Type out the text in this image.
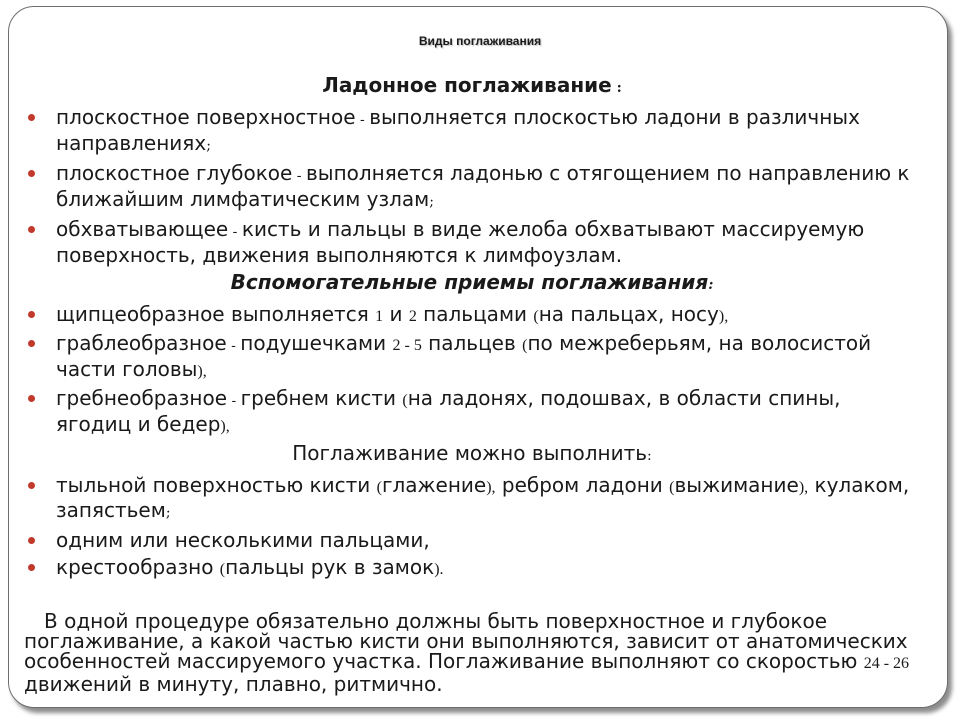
Виды поглаживания
Ладонное поглаживание :
плоскостное поверхностное - выполняется плоскостью ладони в различных направлениях;
плоскостное глубокое - выполняется ладонью с отягощением по направлению к ближайшим лимфатическим узлам;
обхватывающее - кисть и пальцы в виде желоба обхватывают массируемую поверхность, движения выполняются к лимфоузлам.
Вспомогательные приемы поглаживания:
щипцеобразное выполняется 1 и 2 пальцами (на пальцах, носу),
граблеобразное - подушечками 2 - 5 пальцев (по межреберьям, на волосистой части головы),
гребнеобразное - гребнем кисти (на ладонях, подошвах, в области спины, ягодиц и бедер),
Поглаживание можно выполнить:
тыльной поверхностью кисти (глажение), ребром ладони (выжимание), кулаком, запястьем;
одним или несколькими пальцами,
крестообразно (пальцы рук в замок).

В одной процедуре обязательно должны быть поверхностное и глубокое поглаживание, а какой частью кисти они выполняются, зависит от анатомических особенностей массируемого участка. Поглаживание выполняют со скоростью 24 - 26 движений в минуту, плавно, ритмично.
